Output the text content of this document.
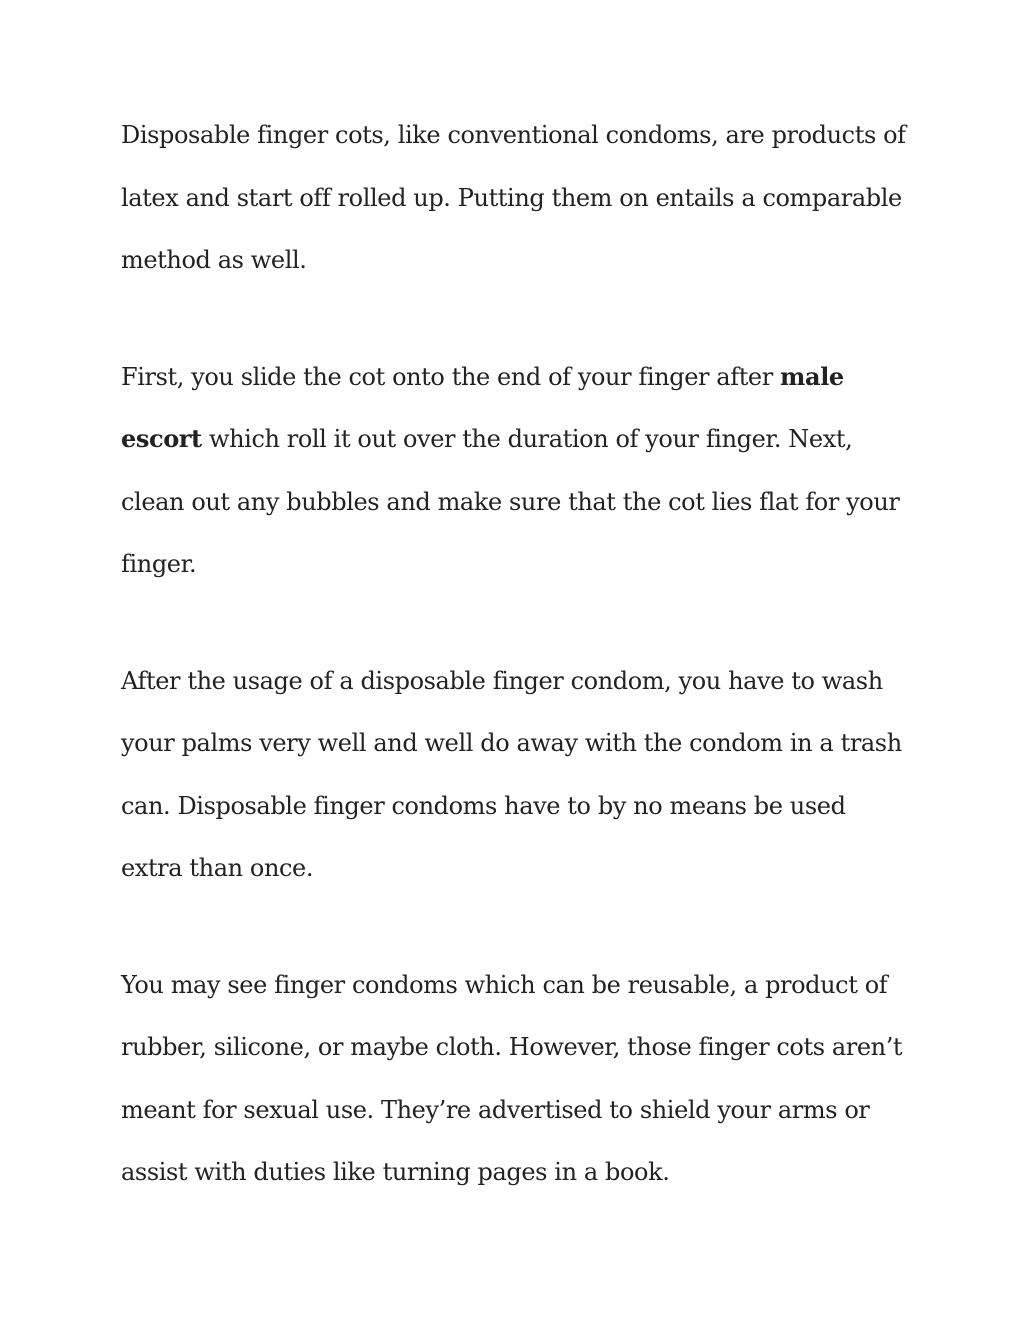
Disposable finger cots, like conventional condoms, are products of latex and start off rolled up. Putting them on entails a comparable method as well.

First, you slide the cot onto the end of your finger after male escort which roll it out over the duration of your finger. Next, clean out any bubbles and make sure that the cot lies flat for your finger.

After the usage of a disposable finger condom, you have to wash your palms very well and well do away with the condom in a trash can. Disposable finger condoms have to by no means be used extra than once.

You may see finger condoms which can be reusable, a product of rubber, silicone, or maybe cloth. However, those finger cots aren’t meant for sexual use. They’re advertised to shield your arms or assist with duties like turning pages in a book.
